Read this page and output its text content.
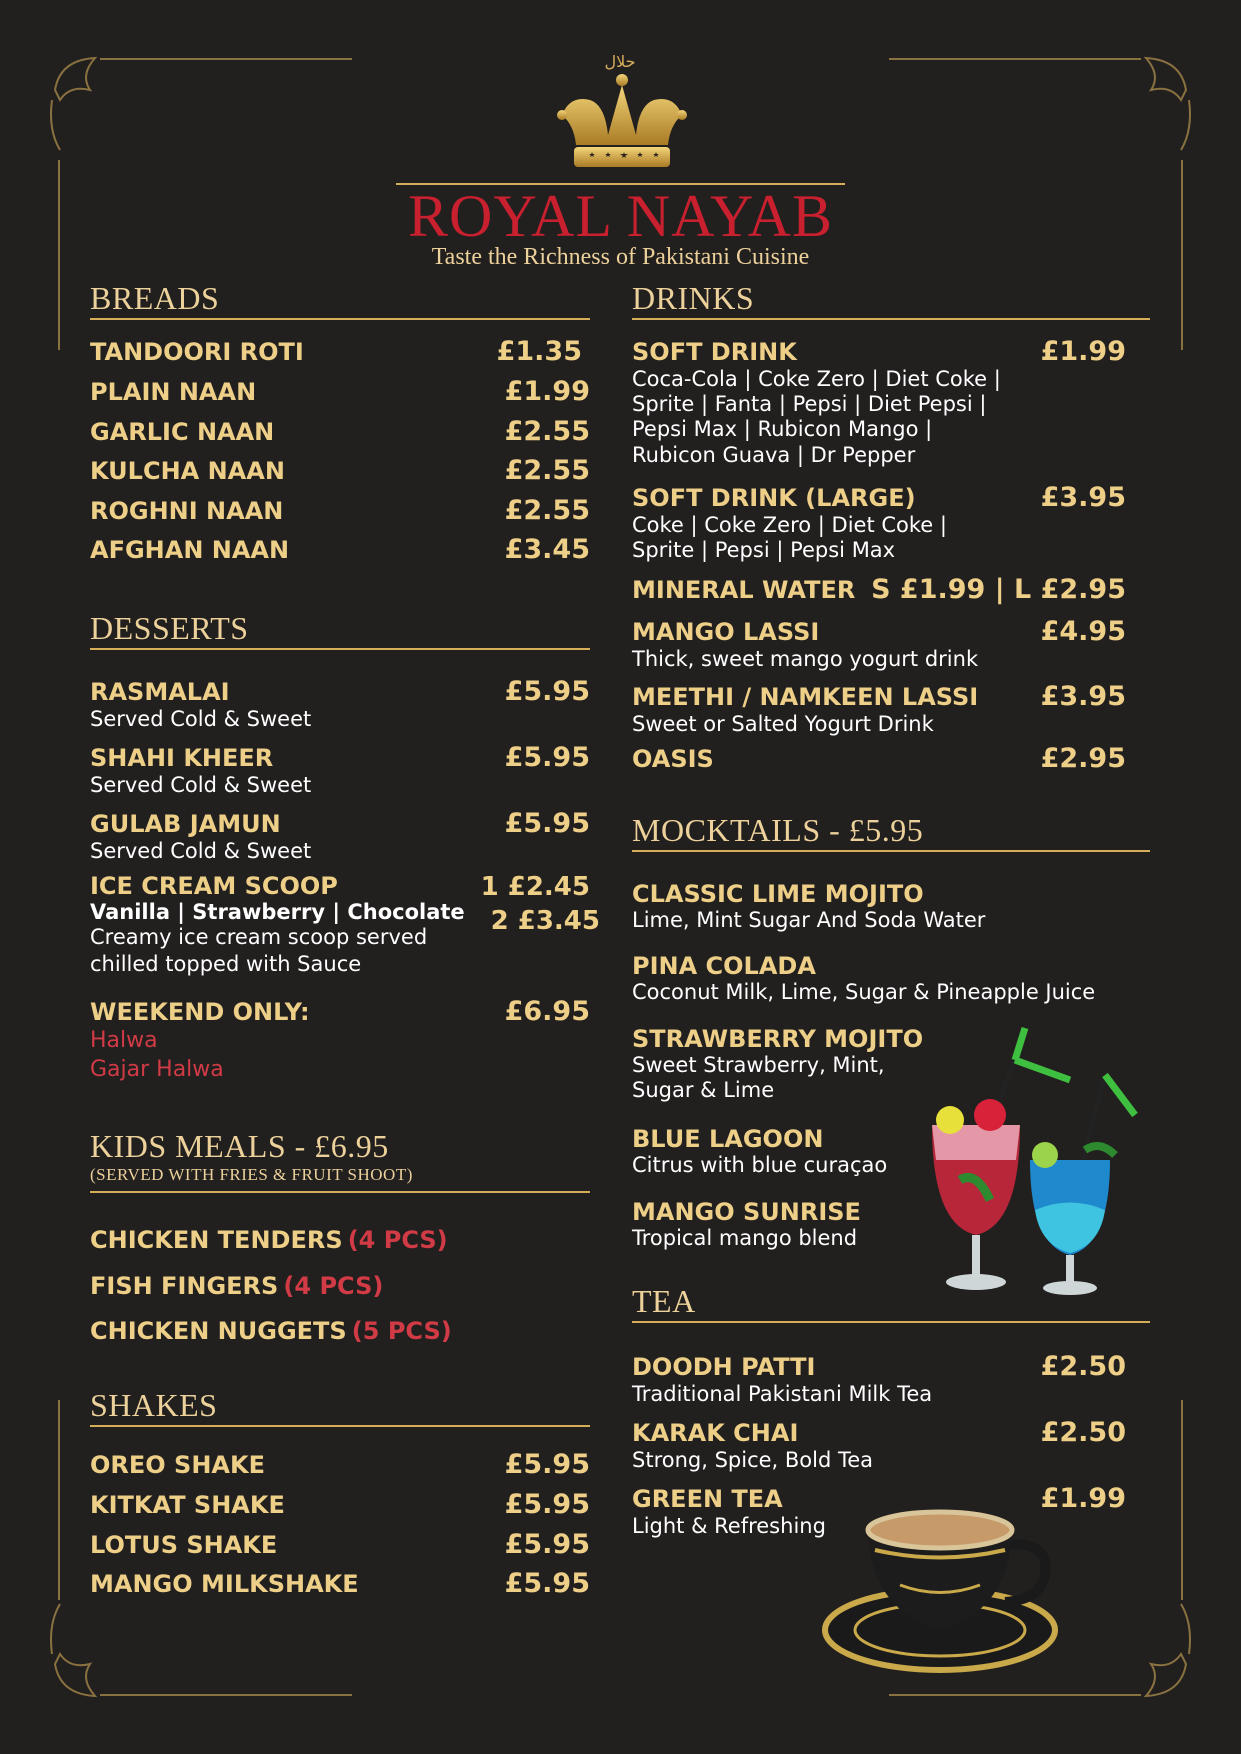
حلال
ROYAL NAYAB
Taste the Richness of Pakistani Cuisine
BREADS
TANDOORI ROTI	£1.35
PLAIN NAAN	£1.99
GARLIC NAAN	£2.55
KULCHA NAAN	£2.55
ROGHNI NAAN	£2.55
AFGHAN NAAN	£3.45
DESSERTS
RASMALAI	£5.95
Served Cold & Sweet
SHAHI KHEER	£5.95
Served Cold & Sweet
GULAB JAMUN	£5.95
Served Cold & Sweet
ICE CREAM SCOOP	1 £2.45
2 £3.45
Vanilla | Strawberry | Chocolate
Creamy ice cream scoop served
chilled topped with Sauce
WEEKEND ONLY:	£6.95
Halwa
Gajar Halwa
KIDS MEALS - £6.95
(SERVED WITH FRIES & FRUIT SHOOT)
CHICKEN TENDERS (4 PCS)
FISH FINGERS (4 PCS)
CHICKEN NUGGETS (5 PCS)
SHAKES
OREO SHAKE	£5.95
KITKAT SHAKE	£5.95
LOTUS SHAKE	£5.95
MANGO MILKSHAKE	£5.95
DRINKS
SOFT DRINK	£1.99
Coca-Cola | Coke Zero | Diet Coke |
Sprite | Fanta | Pepsi | Diet Pepsi |
Pepsi Max | Rubicon Mango |
Rubicon Guava | Dr Pepper
SOFT DRINK (LARGE)	£3.95
Coke | Coke Zero | Diet Coke |
Sprite | Pepsi | Pepsi Max
MINERAL WATER S £1.99 | L £2.95
MANGO LASSI	£4.95
Thick, sweet mango yogurt drink
MEETHI / NAMKEEN LASSI £3.95
Sweet or Salted Yogurt Drink
OASIS	£2.95
MOCKTAILS - £5.95
CLASSIC LIME MOJITO
Lime, Mint Sugar And Soda Water
PINA COLADA
Coconut Milk, Lime, Sugar & Pineapple Juice
STRAWBERRY MOJITO
Sweet Strawberry, Mint,
Sugar & Lime
BLUE LAGOON
Citrus with blue curaçao
MANGO SUNRISE
Tropical mango blend
TEA
DOODH PATTI	£2.50
Traditional Pakistani Milk Tea
KARAK CHAI	£2.50
Strong, Spice, Bold Tea
GREEN TEA	£1.99
Light & Refreshing
